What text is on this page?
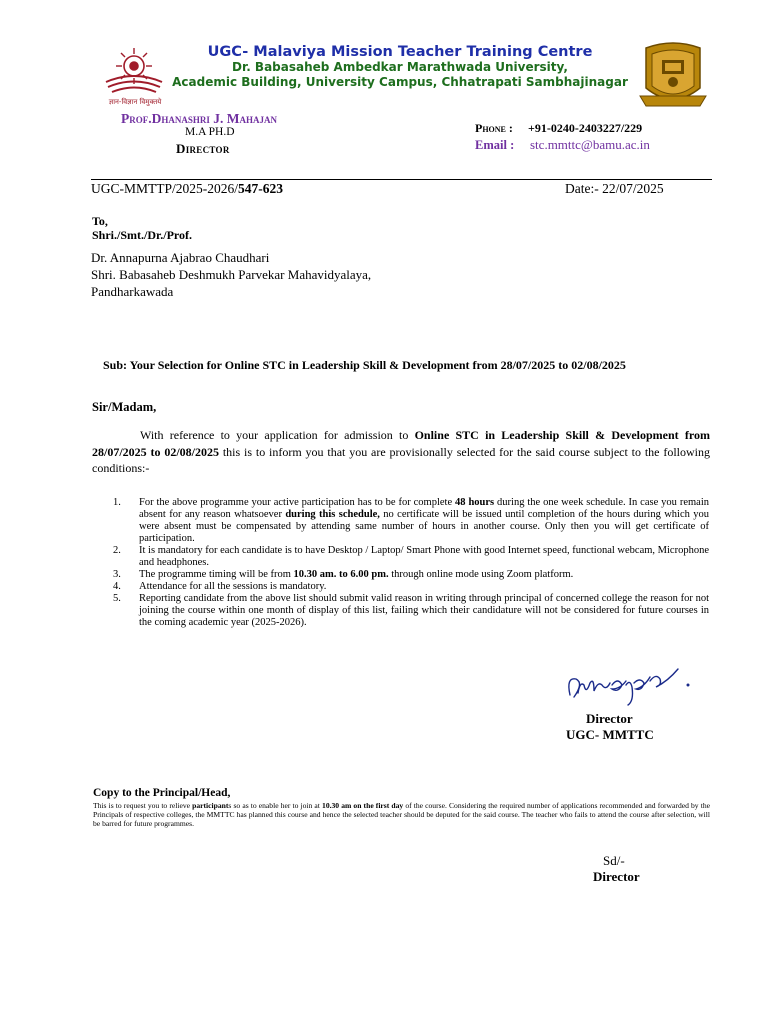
ज्ञान-विज्ञान विमुक्तये
UGC- Malaviya Mission Teacher Training Centre
Dr. Babasaheb Ambedkar Marathwada University,
Academic Building, University Campus, Chhatrapati Sambhajinagar
Prof.Dhanashri J. Mahajan
M.A PH.D
Director
Phone : +91-0240-2403227/229
Email : stc.mmttc@bamu.ac.in
UGC-MMTTP/2025-2026/547-623	Date:- 22/07/2025
To,
Shri./Smt./Dr./Prof.
Dr. Annapurna Ajabrao Chaudhari
Shri. Babasaheb Deshmukh Parvekar Mahavidyalaya,
Pandharkawada
Sub: Your Selection for Online STC in Leadership Skill & Development from 28/07/2025 to 02/08/2025
Sir/Madam,
With reference to your application for admission to Online STC in Leadership Skill & Development from 28/07/2025 to 02/08/2025 this is to inform you that you are provisionally selected for the said course subject to the following conditions:-
1. For the above programme your active participation has to be for complete 48 hours during the one week schedule. In case you remain absent for any reason whatsoever during this schedule, no certificate will be issued until completion of the hours during which you were absent must be compensated by attending same number of hours in another course. Only then you will get certificate of participation.
2. It is mandatory for each candidate is to have Desktop / Laptop/ Smart Phone with good Internet speed, functional webcam, Microphone and headphones.
3. The programme timing will be from 10.30 am. to 6.00 pm. through online mode using Zoom platform.
4. Attendance for all the sessions is mandatory.
5. Reporting candidate from the above list should submit valid reason in writing through principal of concerned college the reason for not joining the course within one month of display of this list, failing which their candidature will not be considered for future courses in the coming academic year (2025-2026).
Director
UGC- MMTTC
Copy to the Principal/Head,
This is to request you to relieve participants so as to enable her to join at 10.30 am on the first day of the course. Considering the required number of applications recommended and forwarded by the Principals of respective colleges, the MMTTC has planned this course and hence the selected teacher should be deputed for the said course. The teacher who fails to attend the course after selection, will be barred for future programmes.
Sd/-
Director
